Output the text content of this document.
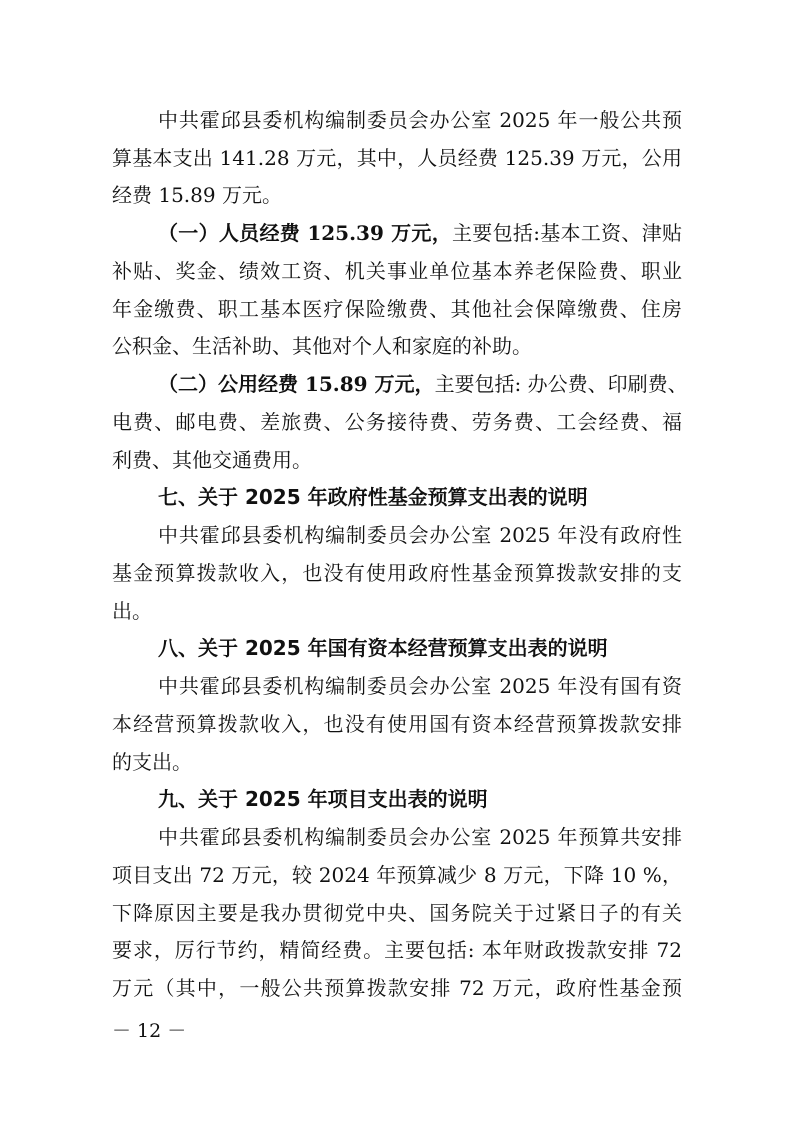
中共霍邱县委机构编制委员会办公室 2025 年一般公共预
算基本支出 141.28 万元，其中，人员经费 125.39 万元，公用
经费 15.89 万元。
（一）人员经费 125.39 万元，主要包括:基本工资、津贴
补贴、奖金、绩效工资、机关事业单位基本养老保险费、职业
年金缴费、职工基本医疗保险缴费、其他社会保障缴费、住房
公积金、生活补助、其他对个人和家庭的补助。
（二）公用经费 15.89 万元，主要包括: 办公费、印刷费、
电费、邮电费、差旅费、公务接待费、劳务费、工会经费、福
利费、其他交通费用。
七、关于 2025 年政府性基金预算支出表的说明
中共霍邱县委机构编制委员会办公室 2025 年没有政府性
基金预算拨款收入，也没有使用政府性基金预算拨款安排的支
出。
八、关于 2025 年国有资本经营预算支出表的说明
中共霍邱县委机构编制委员会办公室 2025 年没有国有资
本经营预算拨款收入，也没有使用国有资本经营预算拨款安排
的支出。
九、关于 2025 年项目支出表的说明
中共霍邱县委机构编制委员会办公室 2025 年预算共安排
项目支出 72 万元，较 2024 年预算减少 8 万元，下降 10 %，
下降原因主要是我办贯彻党中央、国务院关于过紧日子的有关
要求，厉行节约，精简经费。主要包括: 本年财政拨款安排 72
万元（其中，一般公共预算拨款安排 72 万元，政府性基金预
－ 12 －
